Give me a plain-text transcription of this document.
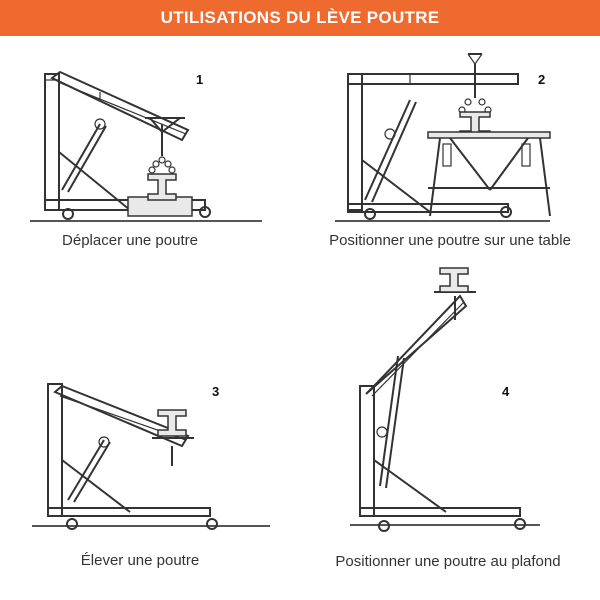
UTILISATIONS DU LÈVE POUTRE
1
Déplacer une poutre
2
Positionner une poutre sur une table
3
Élever une poutre
4
Positionner une poutre au plafond
